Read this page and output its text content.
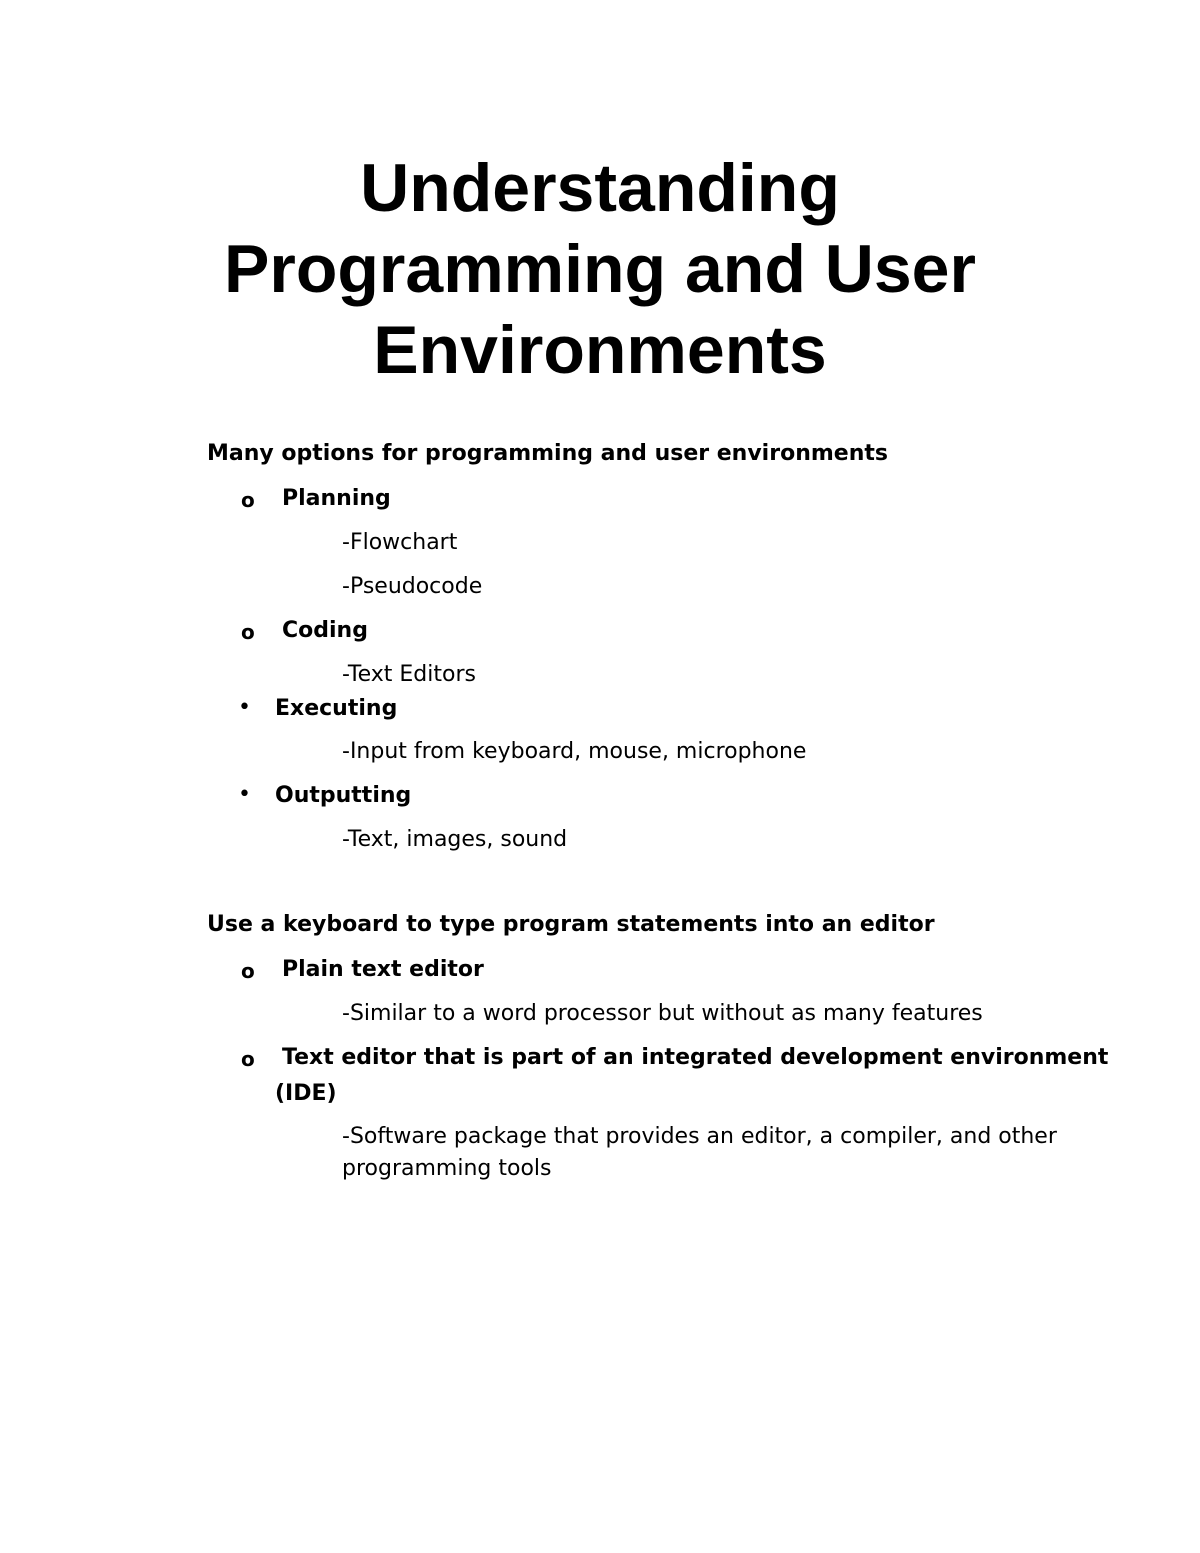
Understanding
Programming and User
Environments
Many options for programming and user environments
o Planning
-Flowchart
-Pseudocode
o Coding
-Text Editors
• Executing
-Input from keyboard, mouse, microphone
• Outputting
-Text, images, sound
Use a keyboard to type program statements into an editor
o Plain text editor
-Similar to a word processor but without as many features
o Text editor that is part of an integrated development environment
(IDE)
-Software package that provides an editor, a compiler, and other
programming tools
